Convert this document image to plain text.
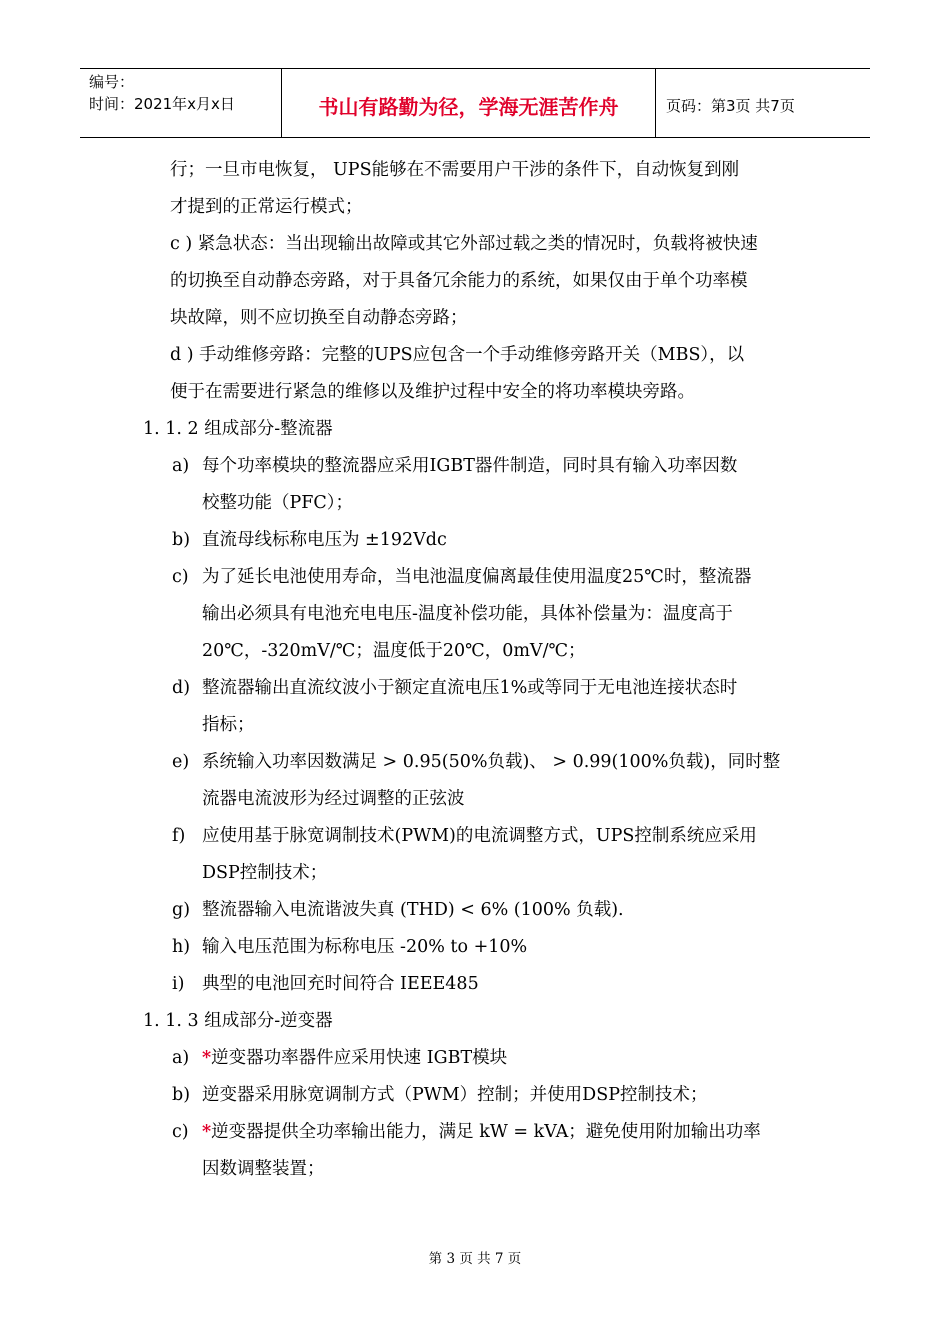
编号：
时间：2021年x月x日	书山有路勤为径，学海无涯苦作舟	页码：第3页 共7页
行；一旦市电恢复， UPS能够在不需要用户干涉的条件下，自动恢复到刚
才提到的正常运行模式；
c ) 紧急状态：当出现输出故障或其它外部过载之类的情况时，负载将被快速
的切换至自动静态旁路，对于具备冗余能力的系统，如果仅由于单个功率模
块故障，则不应切换至自动静态旁路；
d ) 手动维修旁路：完整的UPS应包含一个手动维修旁路开关（MBS），以
便于在需要进行紧急的维修以及维护过程中安全的将功率模块旁路。
1. 1. 2 组成部分-整流器
a) 每个功率模块的整流器应采用IGBT器件制造，同时具有输入功率因数
校整功能（PFC）；
b) 直流母线标称电压为 ±192Vdc
c) 为了延长电池使用寿命，当电池温度偏离最佳使用温度25℃时，整流器
输出必须具有电池充电电压-温度补偿功能，具体补偿量为：温度高于
20℃，-320mV/℃；温度低于20℃，0mV/℃；
d) 整流器输出直流纹波小于额定直流电压1%或等同于无电池连接状态时
指标；
e) 系统输入功率因数满足 > 0.95(50%负载)、 > 0.99(100%负载)，同时整
流器电流波形为经过调整的正弦波
f) 应使用基于脉宽调制技术(PWM)的电流调整方式，UPS控制系统应采用
DSP控制技术；
g) 整流器输入电流谐波失真 (THD) < 6% (100% 负载).
h) 输入电压范围为标称电压 -20% to +10%
i) 典型的电池回充时间符合 IEEE485
1. 1. 3 组成部分-逆变器
a) *逆变器功率器件应采用快速 IGBT模块
b) 逆变器采用脉宽调制方式（PWM）控制；并使用DSP控制技术；
c) *逆变器提供全功率输出能力，满足 kW = kVA；避免使用附加输出功率
因数调整装置；
第 3 页 共 7 页
